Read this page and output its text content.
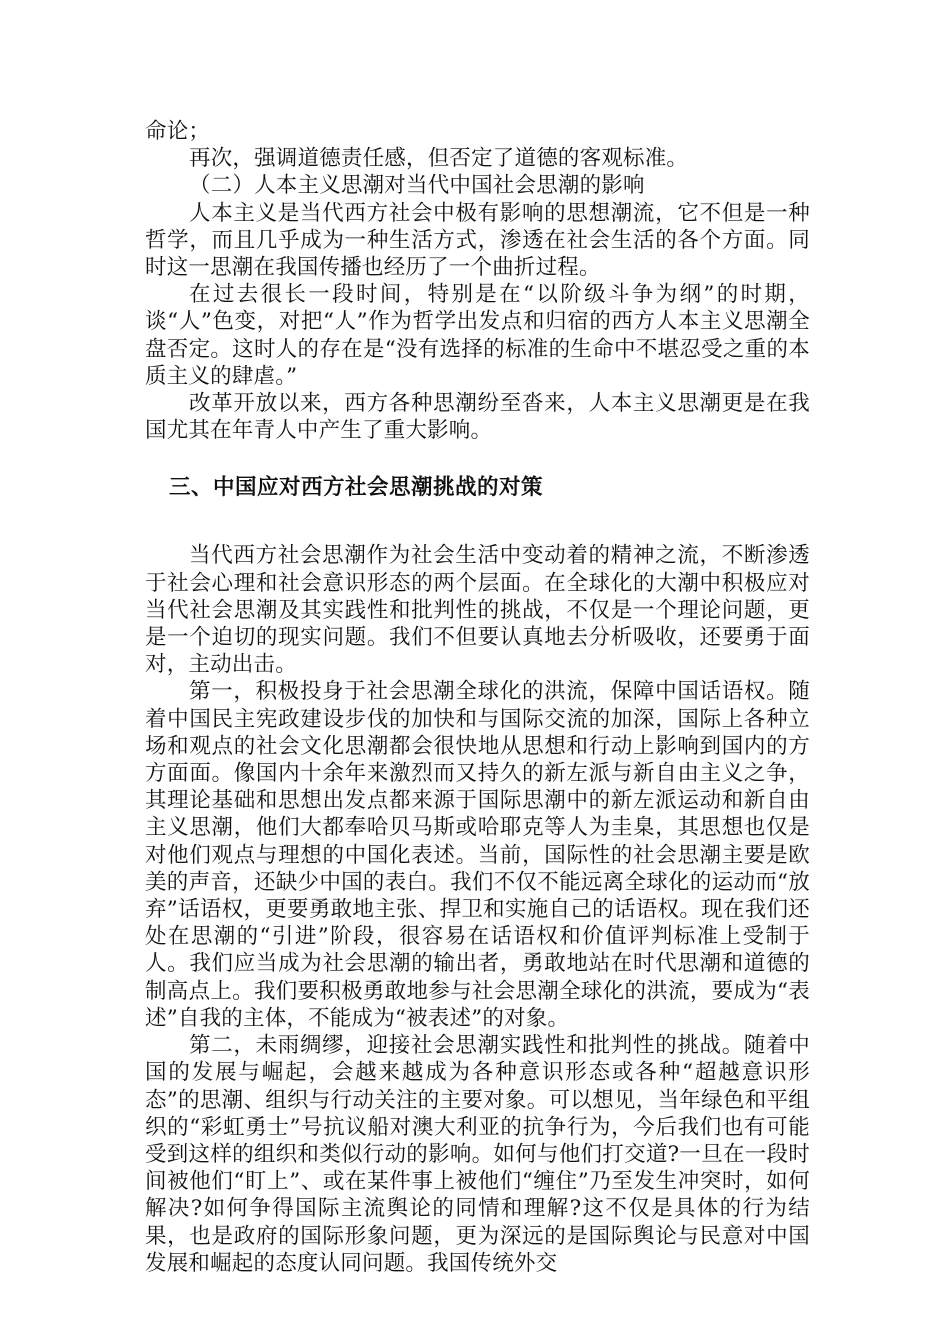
命论；

再次，强调道德责任感，但否定了道德的客观标准。

（二）人本主义思潮对当代中国社会思潮的影响

人本主义是当代西方社会中极有影响的思想潮流，它不但是一种哲学，而且几乎成为一种生活方式，渗透在社会生活的各个方面。同时这一思潮在我国传播也经历了一个曲折过程。

在过去很长一段时间，特别是在“以阶级斗争为纲”的时期，谈“人”色变，对把“人”作为哲学出发点和归宿的西方人本主义思潮全盘否定。这时人的存在是“没有选择的标准的生命中不堪忍受之重的本质主义的肆虐。”

改革开放以来，西方各种思潮纷至沓来，人本主义思潮更是在我国尤其在年青人中产生了重大影响。

三、中国应对西方社会思潮挑战的对策

当代西方社会思潮作为社会生活中变动着的精神之流，不断渗透于社会心理和社会意识形态的两个层面。在全球化的大潮中积极应对当代社会思潮及其实践性和批判性的挑战，不仅是一个理论问题，更是一个迫切的现实问题。我们不但要认真地去分析吸收，还要勇于面对，主动出击。

第一，积极投身于社会思潮全球化的洪流，保障中国话语权。随着中国民主宪政建设步伐的加快和与国际交流的加深，国际上各种立场和观点的社会文化思潮都会很快地从思想和行动上影响到国内的方方面面。像国内十余年来激烈而又持久的新左派与新自由主义之争，其理论基础和思想出发点都来源于国际思潮中的新左派运动和新自由主义思潮，他们大都奉哈贝马斯或哈耶克等人为圭臬，其思想也仅是对他们观点与理想的中国化表述。当前，国际性的社会思潮主要是欧美的声音，还缺少中国的表白。我们不仅不能远离全球化的运动而“放弃”话语权，更要勇敢地主张、捍卫和实施自己的话语权。现在我们还处在思潮的“引进”阶段，很容易在话语权和价值评判标准上受制于人。我们应当成为社会思潮的输出者，勇敢地站在时代思潮和道德的制高点上。我们要积极勇敢地参与社会思潮全球化的洪流，要成为“表述”自我的主体，不能成为“被表述”的对象。

第二，未雨绸缪，迎接社会思潮实践性和批判性的挑战。随着中国的发展与崛起，会越来越成为各种意识形态或各种“超越意识形态”的思潮、组织与行动关注的主要对象。可以想见，当年绿色和平组织的“彩虹勇士”号抗议船对澳大利亚的抗争行为，今后我们也有可能受到这样的组织和类似行动的影响。如何与他们打交道?一旦在一段时间被他们“盯上”、或在某件事上被他们“缠住”乃至发生冲突时，如何解决?如何争得国际主流舆论的同情和理解?这不仅是具体的行为结果，也是政府的国际形象问题，更为深远的是国际舆论与民意对中国发展和崛起的态度认同问题。我国传统外交
